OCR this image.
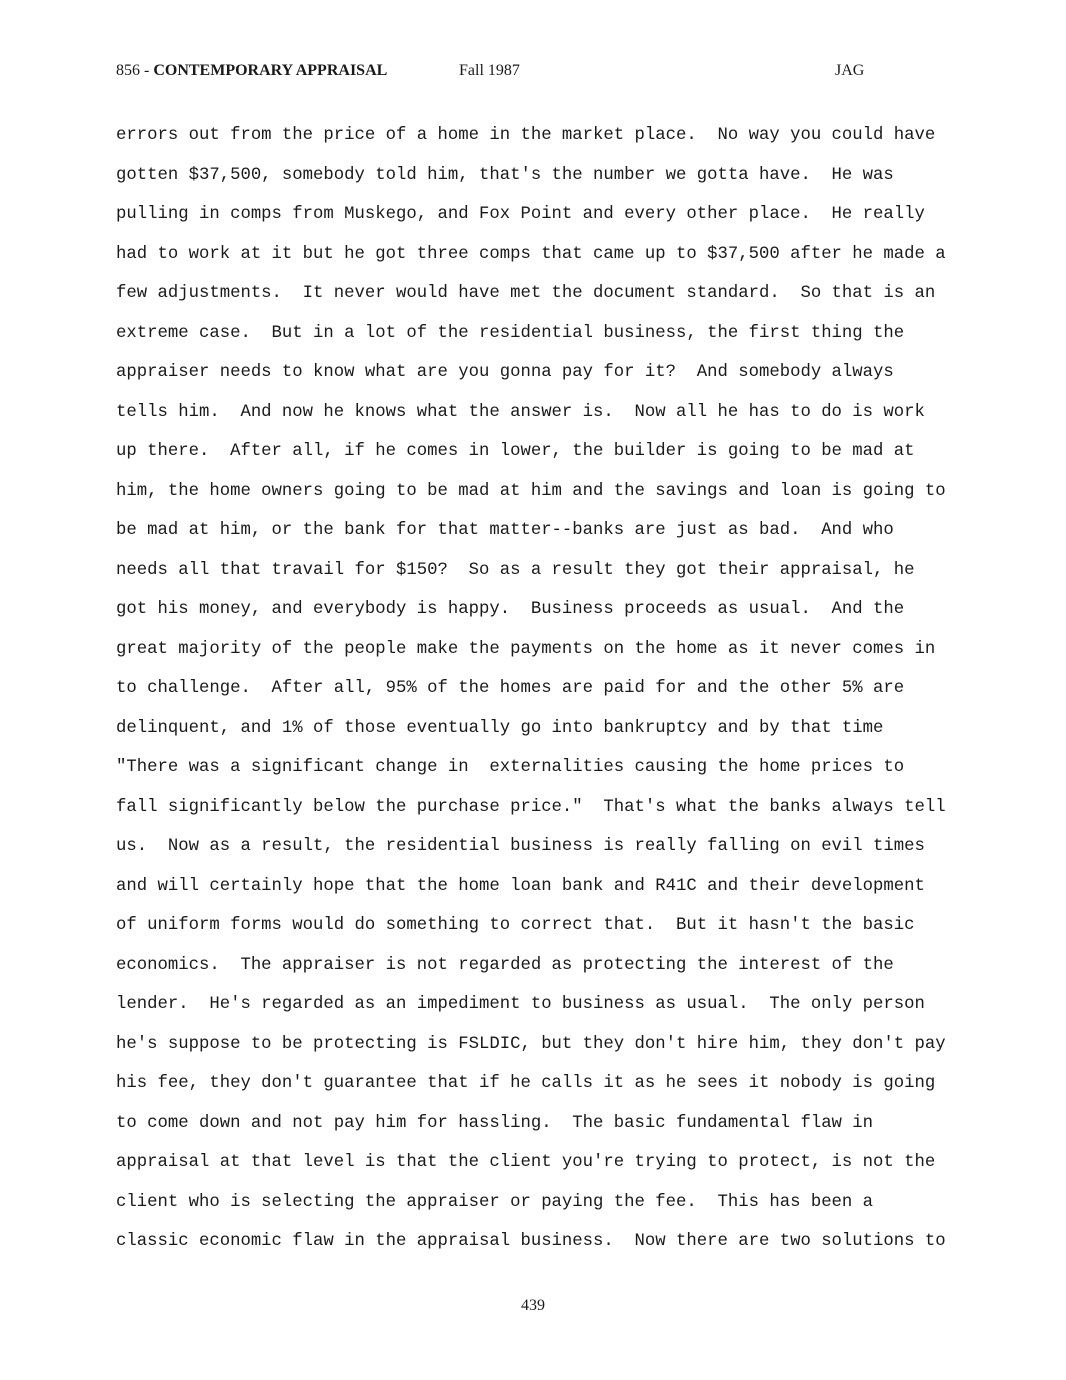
856 - CONTEMPORARY APPRAISAL	Fall 1987	JAG
errors out from the price of a home in the market place.  No way you could have
gotten $37,500, somebody told him, that's the number we gotta have.  He was
pulling in comps from Muskego, and Fox Point and every other place.  He really
had to work at it but he got three comps that came up to $37,500 after he made a
few adjustments.  It never would have met the document standard.  So that is an
extreme case.  But in a lot of the residential business, the first thing the
appraiser needs to know what are you gonna pay for it?  And somebody always
tells him.  And now he knows what the answer is.  Now all he has to do is work
up there.  After all, if he comes in lower, the builder is going to be mad at
him, the home owners going to be mad at him and the savings and loan is going to
be mad at him, or the bank for that matter--banks are just as bad.  And who
needs all that travail for $150?  So as a result they got their appraisal, he
got his money, and everybody is happy.  Business proceeds as usual.  And the
great majority of the people make the payments on the home as it never comes in
to challenge.  After all, 95% of the homes are paid for and the other 5% are
delinquent, and 1% of those eventually go into bankruptcy and by that time
"There was a significant change in  externalities causing the home prices to
fall significantly below the purchase price."  That's what the banks always tell
us.  Now as a result, the residential business is really falling on evil times
and will certainly hope that the home loan bank and R41C and their development
of uniform forms would do something to correct that.  But it hasn't the basic
economics.  The appraiser is not regarded as protecting the interest of the
lender.  He's regarded as an impediment to business as usual.  The only person
he's suppose to be protecting is FSLDIC, but they don't hire him, they don't pay
his fee, they don't guarantee that if he calls it as he sees it nobody is going
to come down and not pay him for hassling.  The basic fundamental flaw in
appraisal at that level is that the client you're trying to protect, is not the
client who is selecting the appraiser or paying the fee.  This has been a
classic economic flaw in the appraisal business.  Now there are two solutions to
439
